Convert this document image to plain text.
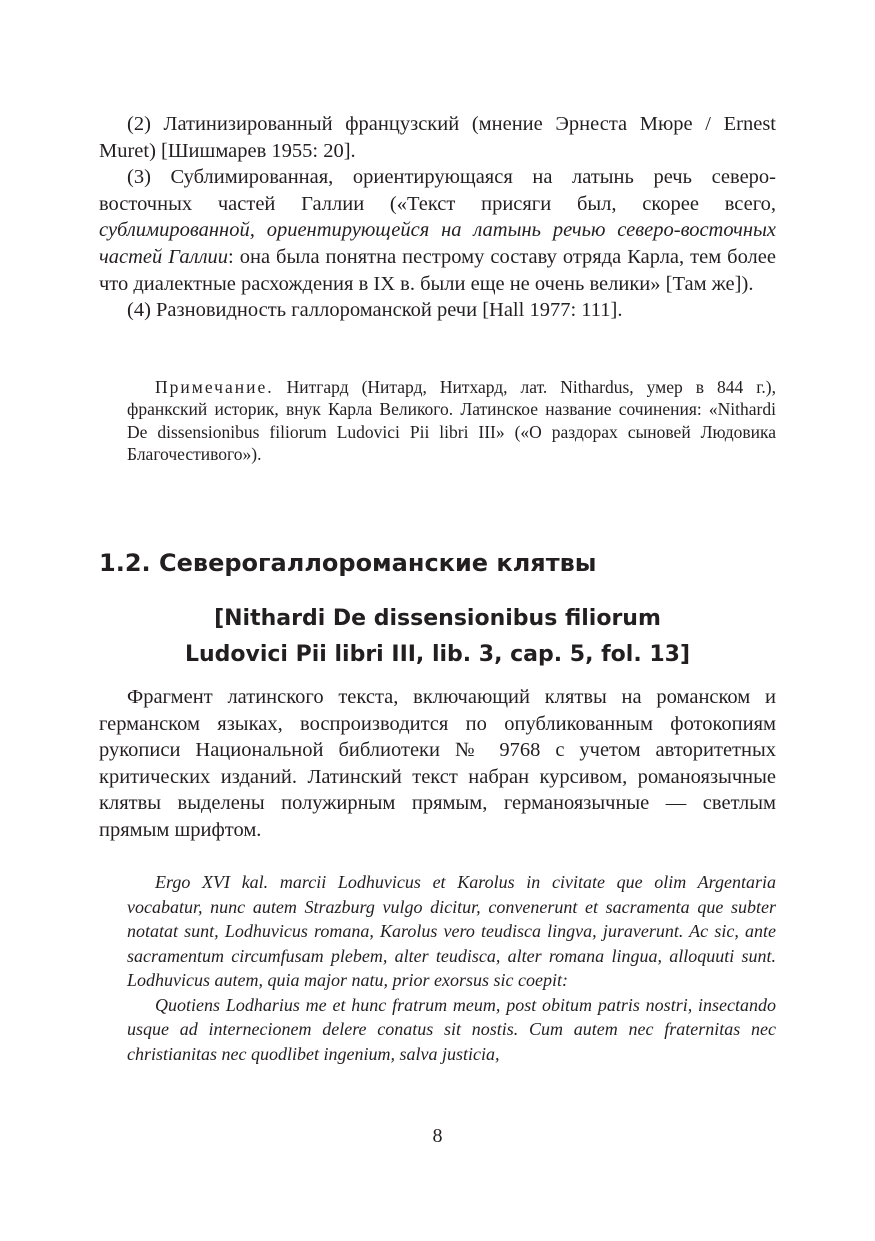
(2) Латинизированный французский (мнение Эрнеста Мюре / Ernest Muret) [Шишмарев 1955: 20].

(3) Сублимированная, ориентирующаяся на латынь речь северо-восточных частей Галлии («Текст присяги был, скорее всего, сублимированной, ориентирующейся на латынь речью северо-восточных частей Галлии: она была понятна пестрому составу отряда Карла, тем более что диалектные расхождения в IX в. были еще не очень велики» [Там же]).

(4) Разновидность галлороманской речи [Hall 1977: 111].

Примечание. Нитгард (Нитард, Нитхард, лат. Nithardus, умер в 844 г.), франкский историк, внук Карла Великого. Латинское название сочинения: «Nithardi De dissensionibus filiorum Ludovici Pii libri III» («О раздорах сыновей Людовика Благочестивого»).

1.2. Северогаллороманские клятвы
[Nithardi De dissensionibus filiorum
Ludovici Pii libri III, lib. 3, cap. 5, fol. 13]

Фрагмент латинского текста, включающий клятвы на романском и германском языках, воспроизводится по опубликованным фотокопиям рукописи Национальной библиотеки № 9768 с учетом авторитетных критических изданий. Латинский текст набран курсивом, романоязычные клятвы выделены полужирным прямым, германоязычные — светлым прямым шрифтом.

Ergo XVI kal. marcii Lodhuvicus et Karolus in civitate que olim Argentaria vocabatur, nunc autem Strazburg vulgo dicitur, convenerunt et sacramenta que subter notatat sunt, Lodhuvicus romana, Karolus vero teudisca lingva, juraverunt. Ac sic, ante sacramentum circumfusam plebem, alter teudisca, alter romana lingua, alloquuti sunt. Lodhuvicus autem, quia major natu, prior exorsus sic coepit:

Quotiens Lodharius me et hunc fratrum meum, post obitum patris nostri, insectando usque ad internecionem delere conatus sit nostis. Cum autem nec fraternitas nec christianitas nec quodlibet ingenium, salva justicia,

8
